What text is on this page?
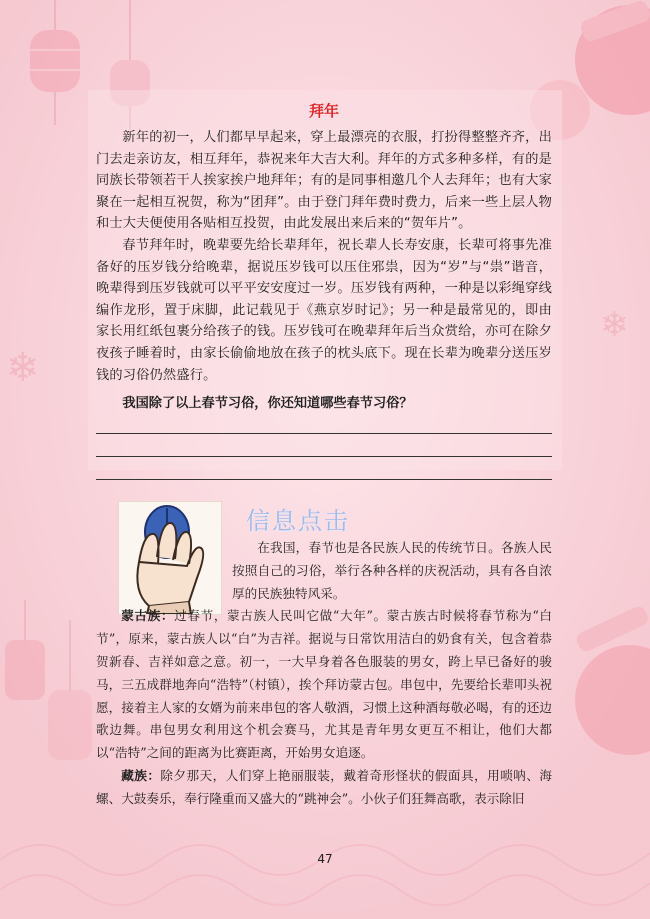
❄
❄
拜年

新年的初一，人们都早早起来，穿上最漂亮的衣服，打扮得整整齐齐，出门去走亲访友，相互拜年，恭祝来年大吉大利。拜年的方式多种多样，有的是同族长带领若干人挨家挨户地拜年；有的是同事相邀几个人去拜年；也有大家聚在一起相互祝贺，称为“团拜”。由于登门拜年费时费力，后来一些上层人物和士大夫便使用各贴相互投贺，由此发展出来后来的“贺年片”。

春节拜年时，晚辈要先给长辈拜年，祝长辈人长寿安康，长辈可将事先准备好的压岁钱分给晚辈，据说压岁钱可以压住邪祟，因为“岁”与“祟”谐音，晚辈得到压岁钱就可以平平安安度过一岁。压岁钱有两种，一种是以彩绳穿线编作龙形，置于床脚，此记载见于《燕京岁时记》；另一种是最常见的，即由家长用红纸包裹分给孩子的钱。压岁钱可在晚辈拜年后当众赏给，亦可在除夕夜孩子睡着时，由家长偷偷地放在孩子的枕头底下。现在长辈为晚辈分送压岁钱的习俗仍然盛行。

我国除了以上春节习俗，你还知道哪些春节习俗？

信息点击

在我国，春节也是各民族人民的传统节日。各族人民按照自己的习俗，举行各种各样的庆祝活动，具有各自浓厚的民族独特风采。

蒙古族：过春节，蒙古族人民叫它做“大年”。蒙古族古时候将春节称为“白节”，原来，蒙古族人以“白”为吉祥。据说与日常饮用洁白的奶食有关，包含着恭贺新春、吉祥如意之意。初一，一大早身着各色服装的男女，跨上早已备好的骏马，三五成群地奔向“浩特”（村镇），挨个拜访蒙古包。串包中，先要给长辈叩头祝愿，接着主人家的女婿为前来串包的客人敬酒，习惯上这种酒每敬必喝，有的还边歌边舞。串包男女利用这个机会赛马，尤其是青年男女更互不相让，他们大都以“浩特”之间的距离为比赛距离，开始男女追逐。

藏族：除夕那天，人们穿上艳丽服装，戴着奇形怪状的假面具，用唢呐、海螺、大鼓奏乐，奉行隆重而又盛大的“跳神会”。小伙子们狂舞高歌，表示除旧

47
